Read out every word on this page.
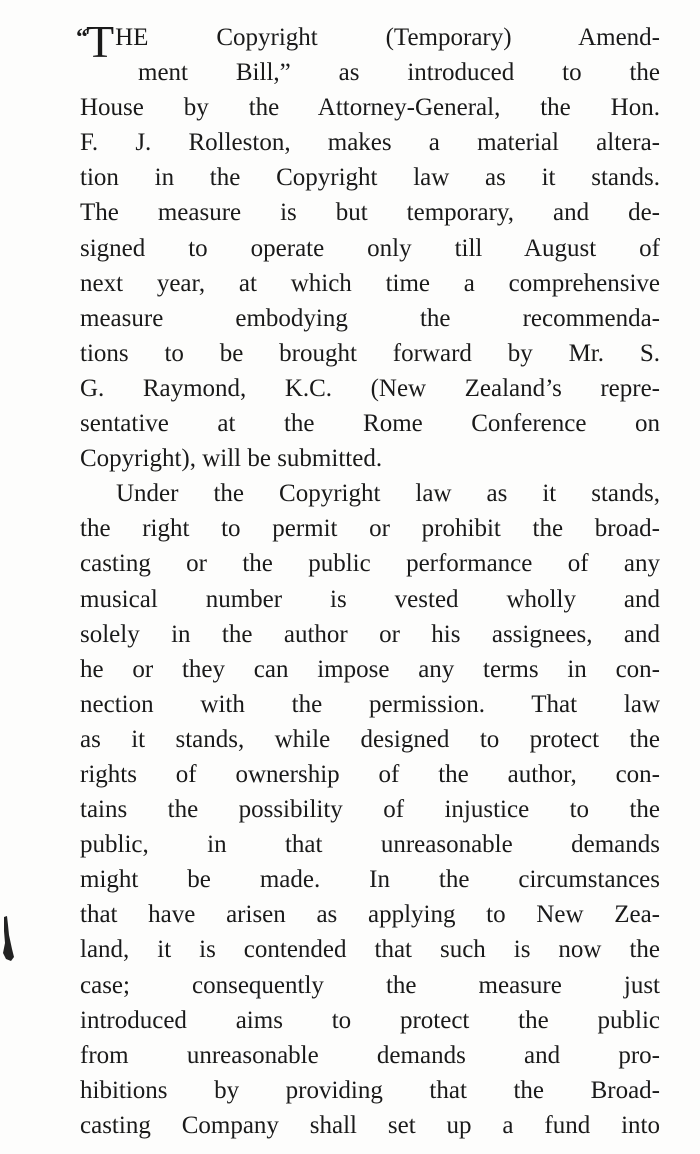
“THE Copyright (Temporary) Amend-
ment Bill,” as introduced to the
House by the Attorney-General, the Hon.
F. J. Rolleston, makes a material altera-
tion in the Copyright law as it stands.
The measure is but temporary, and de-
signed to operate only till August of
next year, at which time a comprehensive
measure embodying the recommenda-
tions to be brought forward by Mr. S.
G. Raymond, K.C. (New Zealand’s repre-
sentative at the Rome Conference on
Copyright), will be submitted.
Under the Copyright law as it stands,
the right to permit or prohibit the broad-
casting or the public performance of any
musical number is vested wholly and
solely in the author or his assignees, and
he or they can impose any terms in con-
nection with the permission. That law
as it stands, while designed to protect the
rights of ownership of the author, con-
tains the possibility of injustice to the
public, in that unreasonable demands
might be made. In the circumstances
that have arisen as applying to New Zea-
land, it is contended that such is now the
case; consequently the measure just
introduced aims to protect the public
from unreasonable demands and pro-
hibitions by providing that the Broad-
casting Company shall set up a fund into
